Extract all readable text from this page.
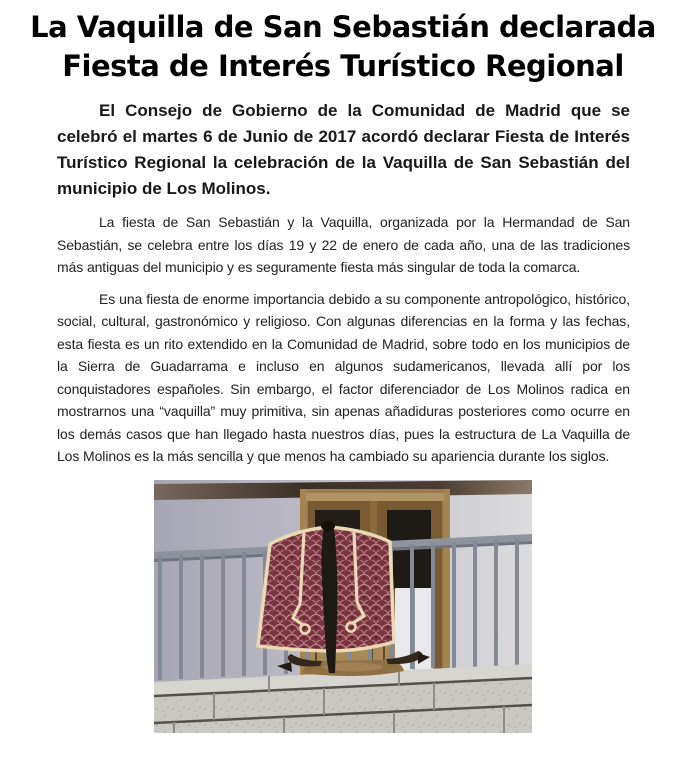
La Vaquilla de San Sebastián declarada
Fiesta de Interés Turístico Regional

El Consejo de Gobierno de la Comunidad de Madrid que se celebró el martes 6 de Junio de 2017 acordó declarar Fiesta de Interés Turístico Regional la celebración de la Vaquilla de San Sebastián del municipio de Los Molinos.

La fiesta de San Sebastián y la Vaquilla, organizada por la Hermandad de San Sebastián, se celebra entre los días 19 y 22 de enero de cada año, una de las tradiciones más antiguas del municipio y es seguramente fiesta más singular de toda la comarca.

Es una fiesta de enorme importancia debido a su componente antropológico, histórico, social, cultural, gastronómico y religioso. Con algunas diferencias en la forma y las fechas, esta fiesta es un rito extendido en la Comunidad de Madrid, sobre todo en los municipios de la Sierra de Guadarrama e incluso en algunos sudamericanos, llevada allí por los conquistadores españoles. Sin embargo, el factor diferenciador de Los Molinos radica en mostrarnos una “vaquilla” muy primitiva, sin apenas añadiduras posteriores como ocurre en los demás casos que han llegado hasta nuestros días, pues la estructura de La Vaquilla de Los Molinos es la más sencilla y que menos ha cambiado su apariencia durante los siglos.
